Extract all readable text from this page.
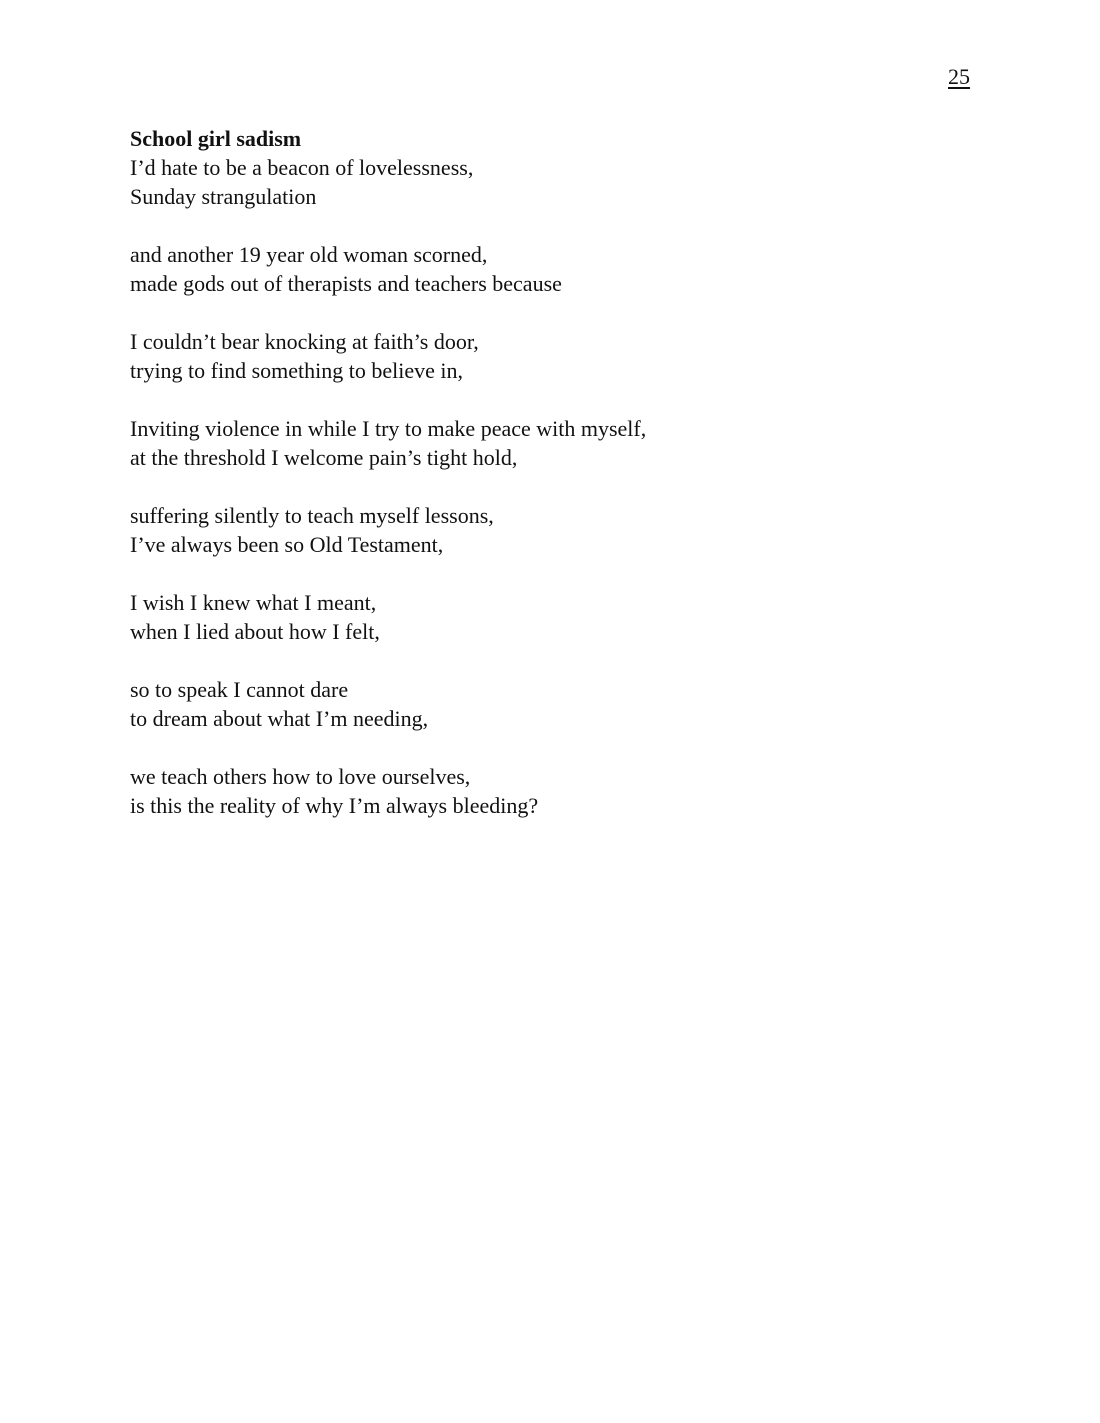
25
School girl sadism

I’d hate to be a beacon of lovelessness,

Sunday strangulation

and another 19 year old woman scorned,

made gods out of therapists and teachers because

I couldn’t bear knocking at faith’s door,

trying to find something to believe in,

Inviting violence in while I try to make peace with myself,

at the threshold I welcome pain’s tight hold,

suffering silently to teach myself lessons,

I’ve always been so Old Testament,

I wish I knew what I meant,

when I lied about how I felt,

so to speak I cannot dare

to dream about what I’m needing,

we teach others how to love ourselves,

is this the reality of why I’m always bleeding?
